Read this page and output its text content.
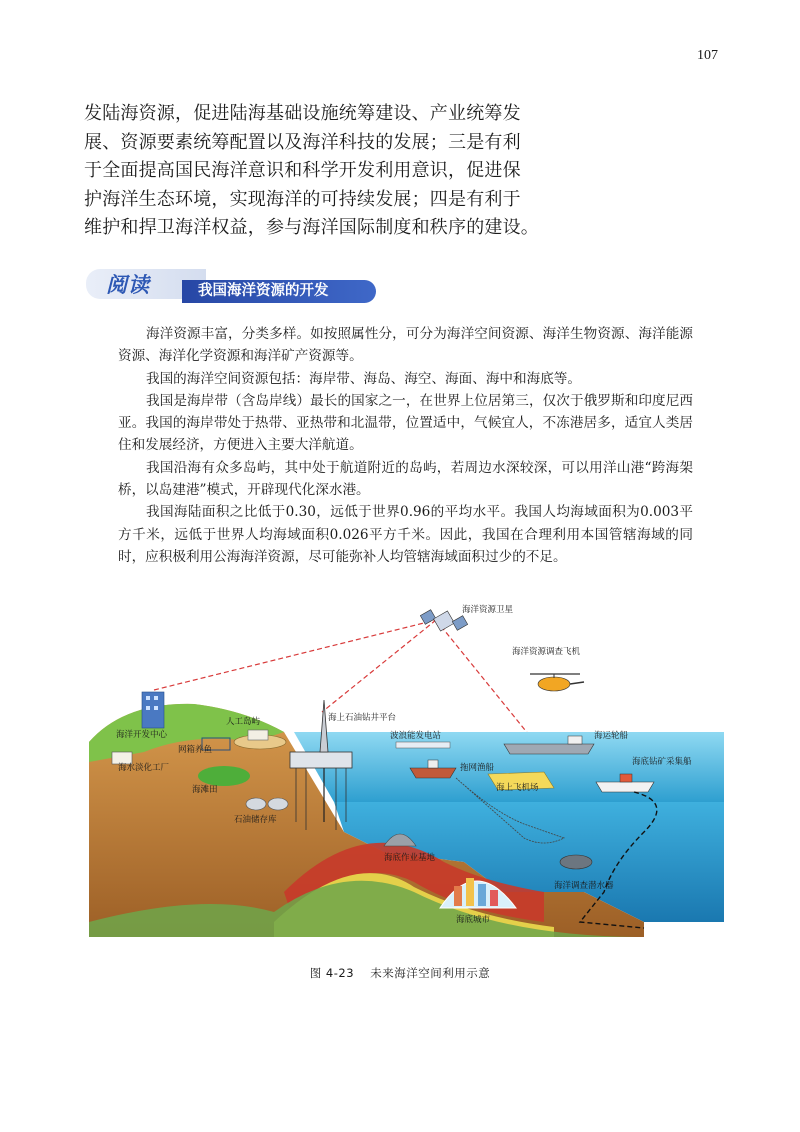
107

发陆海资源，促进陆海基础设施统筹建设、产业统筹发

展、资源要素统筹配置以及海洋科技的发展；三是有利

于全面提高国民海洋意识和科学开发利用意识，促进保

护海洋生态环境，实现海洋的可持续发展；四是有利于

维护和捍卫海洋权益，参与海洋国际制度和秩序的建设。

阅读	我国海洋资源的开发

海洋资源丰富，分类多样。如按照属性分，可分为海洋空间资源、海洋生物资源、海洋能源资源、海洋化学资源和海洋矿产资源等。

我国的海洋空间资源包括：海岸带、海岛、海空、海面、海中和海底等。

我国是海岸带（含岛岸线）最长的国家之一，在世界上位居第三，仅次于俄罗斯和印度尼西亚。我国的海岸带处于热带、亚热带和北温带，位置适中，气候宜人，不冻港居多，适宜人类居住和发展经济，方便进入主要大洋航道。

我国沿海有众多岛屿，其中处于航道附近的岛屿，若周边水深较深，可以用洋山港“跨海架桥，以岛建港”模式，开辟现代化深水港。

我国海陆面积之比低于0.30，远低于世界0.96的平均水平。我国人均海域面积为0.003平方千米，远低于世界人均海域面积0.026平方千米。因此，我国在合理利用本国管辖海域的同时，应积极利用公海海洋资源，尽可能弥补人均管辖海域面积过少的不足。

海洋资源卫星
海洋资源调查飞机
海洋开发中心
网箱养鱼
海水淡化工厂
海滩田
人工岛屿	海上石油钻井平台
石油储存库
波浪能发电站	海运轮船
拖网渔船
海上飞机场
海底钻矿采集船
海底作业基地
海洋调查潜水器
海底城市
图 4-23 未来海洋空间利用示意
